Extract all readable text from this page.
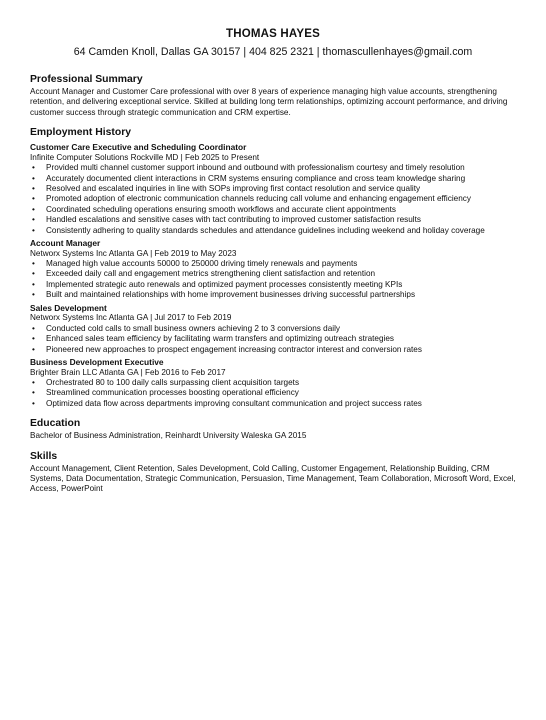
THOMAS HAYES
64 Camden Knoll, Dallas GA 30157 | 404 825 2321 | thomascullenhayes@gmail.com
Professional Summary
Account Manager and Customer Care professional with over 8 years of experience managing high value accounts, strengthening retention, and delivering exceptional service. Skilled at building long term relationships, optimizing account performance, and driving customer success through strategic communication and CRM expertise.
Employment History
Customer Care Executive and Scheduling Coordinator
Infinite Computer Solutions Rockville MD | Feb 2025 to Present
• Provided multi channel customer support inbound and outbound with professionalism courtesy and timely resolution
• Accurately documented client interactions in CRM systems ensuring compliance and cross team knowledge sharing
• Resolved and escalated inquiries in line with SOPs improving first contact resolution and service quality
• Promoted adoption of electronic communication channels reducing call volume and enhancing engagement efficiency
• Coordinated scheduling operations ensuring smooth workflows and accurate client appointments
• Handled escalations and sensitive cases with tact contributing to improved customer satisfaction results
• Consistently adhering to quality standards schedules and attendance guidelines including weekend and holiday coverage
Account Manager
Networx Systems Inc Atlanta GA | Feb 2019 to May 2023
• Managed high value accounts 50000 to 250000 driving timely renewals and payments
• Exceeded daily call and engagement metrics strengthening client satisfaction and retention
• Implemented strategic auto renewals and optimized payment processes consistently meeting KPIs
• Built and maintained relationships with home improvement businesses driving successful partnerships
Sales Development
Networx Systems Inc Atlanta GA | Jul 2017 to Feb 2019
• Conducted cold calls to small business owners achieving 2 to 3 conversions daily
• Enhanced sales team efficiency by facilitating warm transfers and optimizing outreach strategies
• Pioneered new approaches to prospect engagement increasing contractor interest and conversion rates
Business Development Executive
Brighter Brain LLC Atlanta GA | Feb 2016 to Feb 2017
• Orchestrated 80 to 100 daily calls surpassing client acquisition targets
• Streamlined communication processes boosting operational efficiency
• Optimized data flow across departments improving consultant communication and project success rates
Education
Bachelor of Business Administration, Reinhardt University Waleska GA 2015
Skills
Account Management, Client Retention, Sales Development, Cold Calling, Customer Engagement, Relationship Building, CRM Systems, Data Documentation, Strategic Communication, Persuasion, Time Management, Team Collaboration, Microsoft Word, Excel, Access, PowerPoint
